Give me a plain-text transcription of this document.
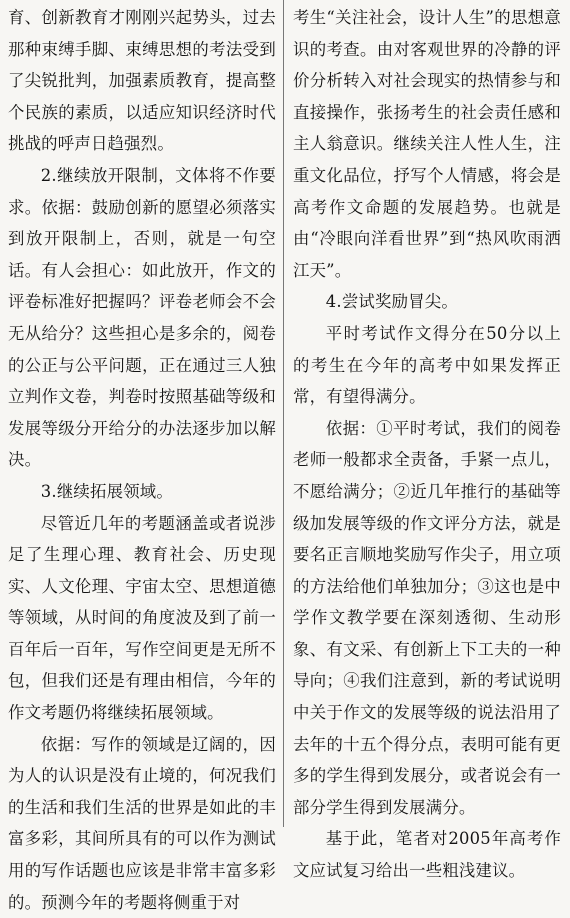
育、创新教育才刚刚兴起势头，过去那种束缚手脚、束缚思想的考法受到了尖锐批判，加强素质教育，提高整个民族的素质，以适应知识经济时代挑战的呼声日趋强烈。

2.继续放开限制，文体将不作要求。依据：鼓励创新的愿望必须落实到放开限制上，否则，就是一句空话。有人会担心：如此放开，作文的评卷标准好把握吗？评卷老师会不会无从给分？这些担心是多余的，阅卷的公正与公平问题，正在通过三人独立判作文卷，判卷时按照基础等级和发展等级分开给分的办法逐步加以解决。

3.继续拓展领域。

尽管近几年的考题涵盖或者说涉足了生理心理、教育社会、历史现实、人文伦理、宇宙太空、思想道德等领域，从时间的角度波及到了前一百年后一百年，写作空间更是无所不包，但我们还是有理由相信，今年的作文考题仍将继续拓展领域。

依据：写作的领域是辽阔的，因为人的认识是没有止境的，何况我们的生活和我们生活的世界是如此的丰富多彩，其间所具有的可以作为测试用的写作话题也应该是非常丰富多彩的。预测今年的考题将侧重于对

考生“关注社会，设计人生”的思想意识的考查。由对客观世界的冷静的评价分析转入对社会现实的热情参与和直接操作，张扬考生的社会责任感和主人翁意识。继续关注人性人生，注重文化品位，抒写个人情感，将会是高考作文命题的发展趋势。也就是由“冷眼向洋看世界”到“热风吹雨洒江天”。

4.尝试奖励冒尖。

平时考试作文得分在50分以上的考生在今年的高考中如果发挥正常，有望得满分。

依据：①平时考试，我们的阅卷老师一般都求全责备，手紧一点儿，不愿给满分；②近几年推行的基础等级加发展等级的作文评分方法，就是要名正言顺地奖励写作尖子，用立项的方法给他们单独加分；③这也是中学作文教学要在深刻透彻、生动形象、有文采、有创新上下工夫的一种导向；④我们注意到，新的考试说明中关于作文的发展等级的说法沿用了去年的十五个得分点，表明可能有更多的学生得到发展分，或者说会有一部分学生得到发展满分。

基于此，笔者对2005年高考作文应试复习给出一些粗浅建议。
